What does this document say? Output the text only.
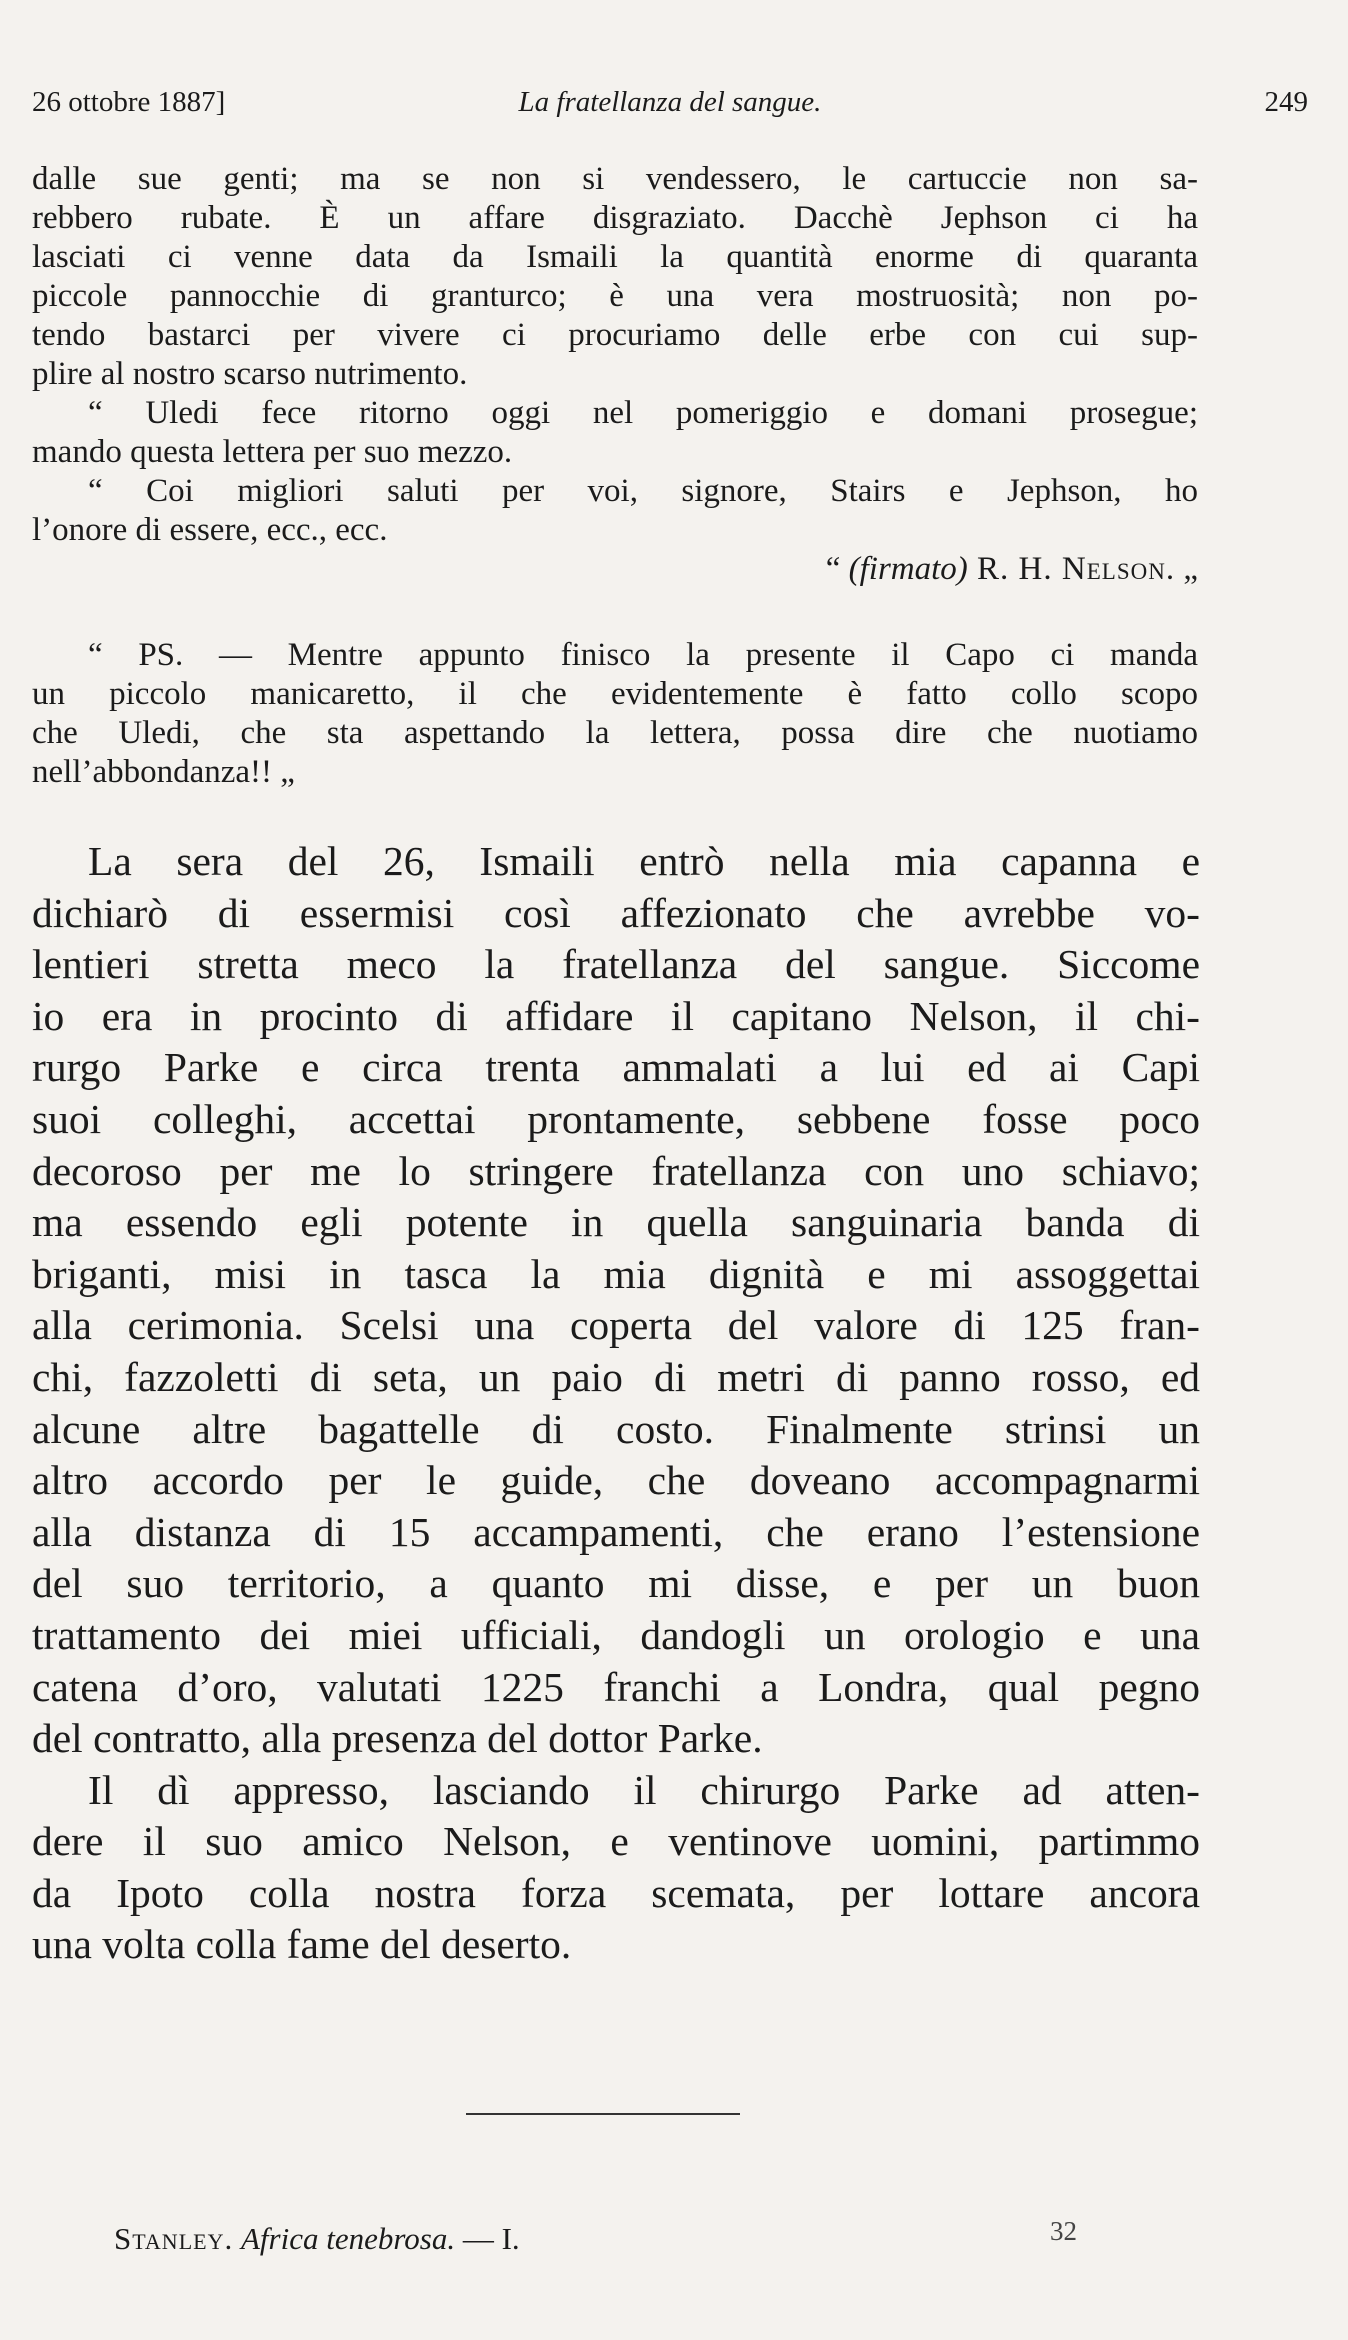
26 ottobre 1887]	La fratellanza del sangue.	249
dalle sue genti; ma se non si vendessero, le cartuccie non sa-
rebbero rubate. È un affare disgraziato. Dacchè Jephson ci ha
lasciati ci venne data da Ismaili la quantità enorme di quaranta
piccole pannocchie di granturco; è una vera mostruosità; non po-
tendo bastarci per vivere ci procuriamo delle erbe con cui sup-
plire al nostro scarso nutrimento.
“ Uledi fece ritorno oggi nel pomeriggio e domani prosegue;
mando questa lettera per suo mezzo.
“ Coi migliori saluti per voi, signore, Stairs e Jephson, ho
l’onore di essere, ecc., ecc.
“ (firmato) R. H. Nelson. „
“ PS. — Mentre appunto finisco la presente il Capo ci manda
un piccolo manicaretto, il che evidentemente è fatto collo scopo
che Uledi, che sta aspettando la lettera, possa dire che nuotiamo
nell’abbondanza!! „
La sera del 26, Ismaili entrò nella mia capanna e
dichiarò di essermisi così affezionato che avrebbe vo-
lentieri stretta meco la fratellanza del sangue. Siccome
io era in procinto di affidare il capitano Nelson, il chi-
rurgo Parke e circa trenta ammalati a lui ed ai Capi
suoi colleghi, accettai prontamente, sebbene fosse poco
decoroso per me lo stringere fratellanza con uno schiavo;
ma essendo egli potente in quella sanguinaria banda di
briganti, misi in tasca la mia dignità e mi assoggettai
alla cerimonia. Scelsi una coperta del valore di 125 fran-
chi, fazzoletti di seta, un paio di metri di panno rosso, ed
alcune altre bagattelle di costo. Finalmente strinsi un
altro accordo per le guide, che doveano accompagnarmi
alla distanza di 15 accampamenti, che erano l’estensione
del suo territorio, a quanto mi disse, e per un buon
trattamento dei miei ufficiali, dandogli un orologio e una
catena d’oro, valutati 1225 franchi a Londra, qual pegno
del contratto, alla presenza del dottor Parke.
Il dì appresso, lasciando il chirurgo Parke ad atten-
dere il suo amico Nelson, e ventinove uomini, partimmo
da Ipoto colla nostra forza scemata, per lottare ancora
una volta colla fame del deserto.
Stanley. Africa tenebrosa. — I.	32
